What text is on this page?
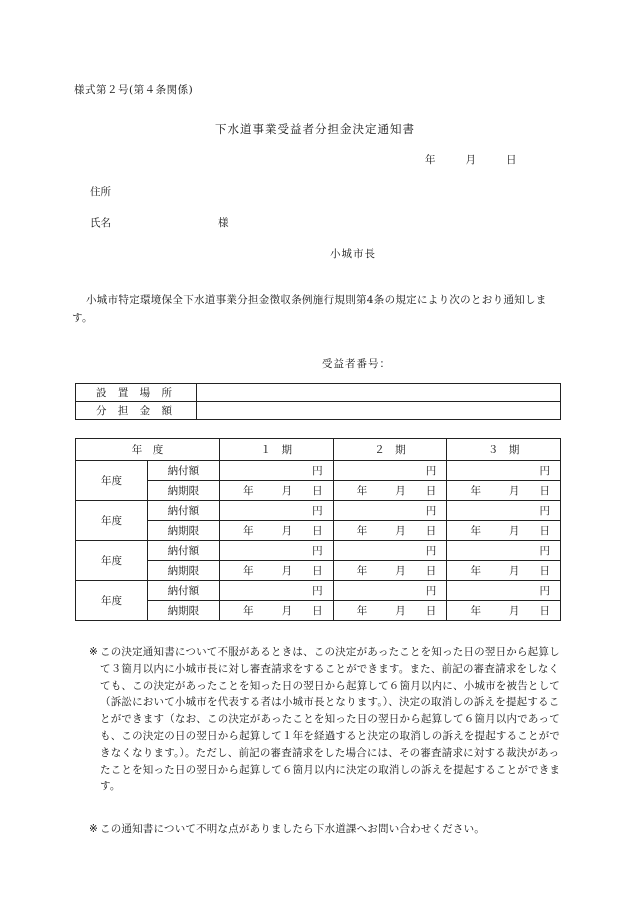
様式第２号(第４条関係)
下水道事業受益者分担金決定通知書
年	月	日
住所
氏名	様
小城市長
小城市特定環境保全下水道事業分担金徴収条例施行規則第4条の規定により次のとおり通知します。
受益者番号：
設 置 場 所	
分 担 金 額	
年　度		１　期	２　期	３　期
年度	納付額	円	円	円
	納期限	年 月 日	年 月 日	年 月 日
年度	納付額	円	円	円
	納期限	年 月 日	年 月 日	年 月 日
年度	納付額	円	円	円
	納期限	年 月 日	年 月 日	年 月 日
年度	納付額	円	円	円
	納期限	年 月 日	年 月 日	年 月 日
※ この決定通知書について不服があるときは、この決定があったことを知った日の翌日から起算して３箇月以内に小城市長に対し審査請求をすることができます。また、前記の審査請求をしなくても、この決定があったことを知った日の翌日から起算して６箇月以内に、小城市を被告として（訴訟において小城市を代表する者は小城市長となります。）、決定の取消しの訴えを提起することができます（なお、この決定があったことを知った日の翌日から起算して６箇月以内であっても、この決定の日の翌日から起算して１年を経過すると決定の取消しの訴えを提起することができなくなります。）。ただし、前記の審査請求をした場合には、その審査請求に対する裁決があったことを知った日の翌日から起算して６箇月以内に決定の取消しの訴えを提起することができます。
※ この通知書について不明な点がありましたら下水道課へお問い合わせください。
